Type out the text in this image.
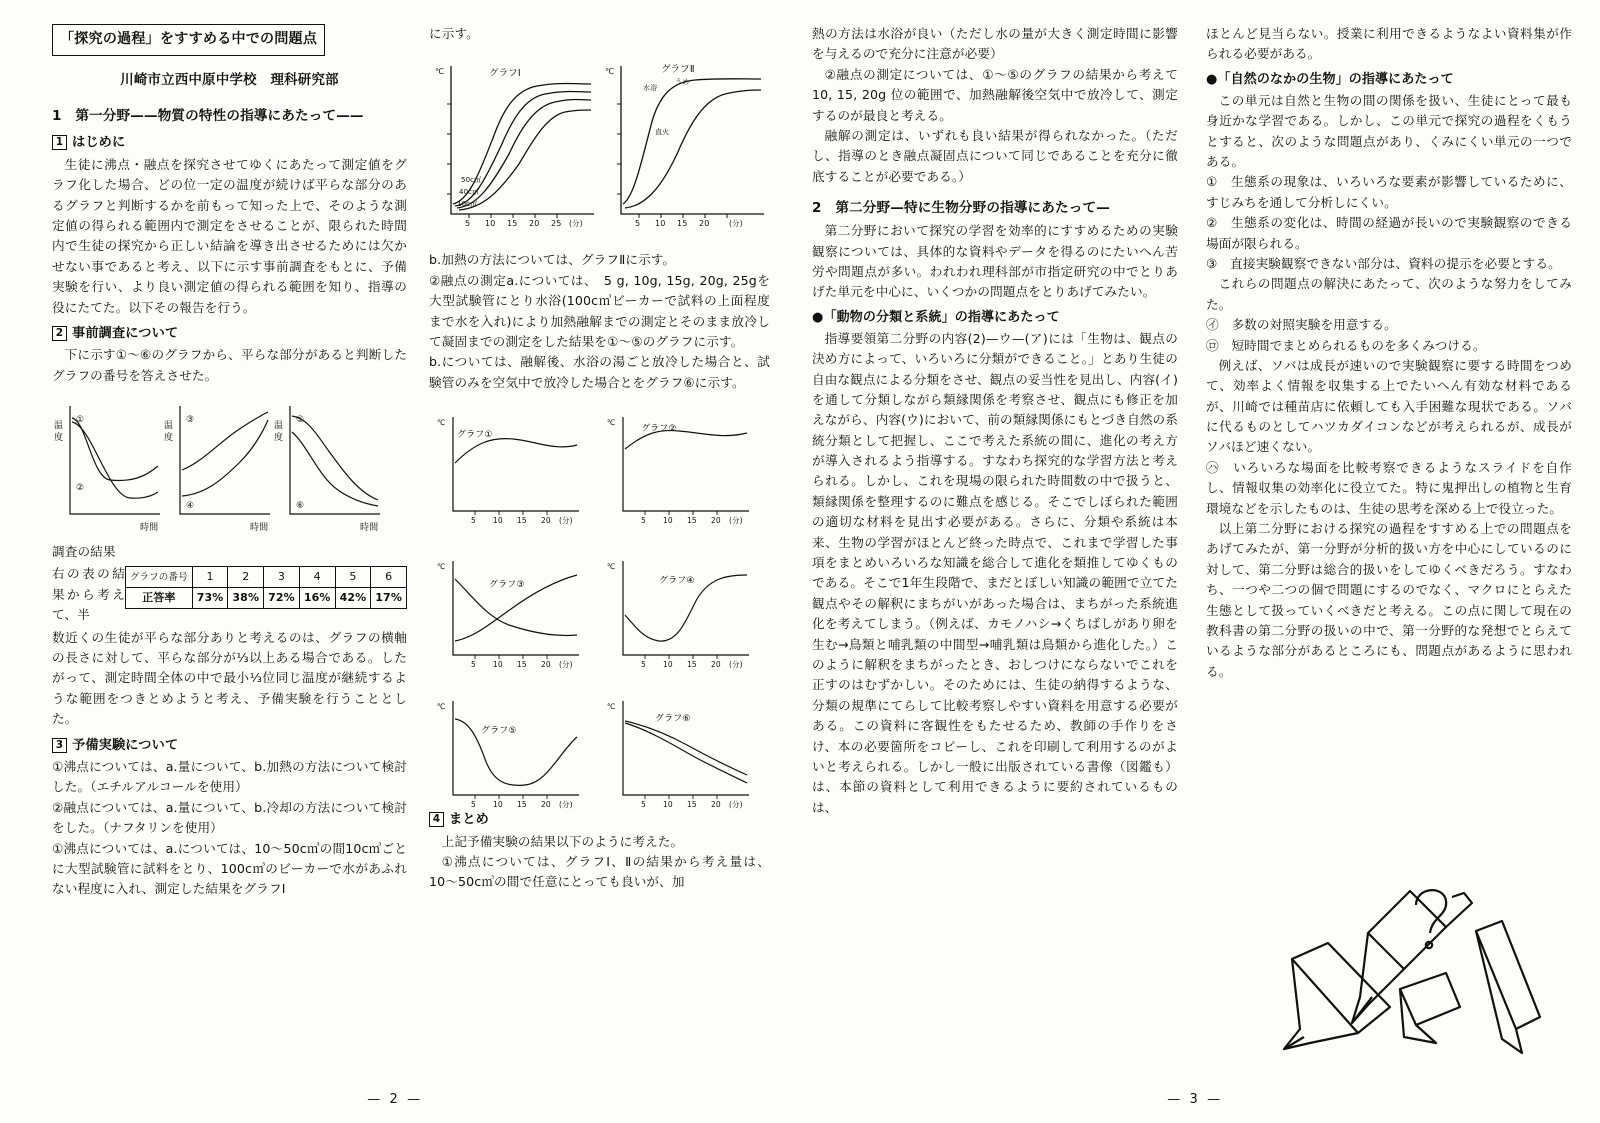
「探究の過程」をすすめる中での問題点
川崎市立西中原中学校　理科研究部
1　第一分野——物質の特性の指導にあたって——
1 はじめに

生徒に沸点・融点を探究させてゆくにあたって測定値をグラフ化した場合、どの位一定の温度が続けば平らな部分のあるグラフと判断するかを前もって知った上で、そのような測定値の得られる範囲内で測定をさせることが、限られた時間内で生徒の探究から正しい結論を導き出させるためには欠かせない事であると考え、以下に示す事前調査をもとに、予備実験を行い、より良い測定値の得られる範囲を知り、指導の役にたてた。以下その報告を行う。

2 事前調査について

下に示す①〜⑥のグラフから、平らな部分があると判断したグラフの番号を答えさせた。

温
度
時間
①
②
温
度
時間
③
④
温
度
時間
⑤
⑥

調査の結果

右の表の結果から考えて、半
グラフの番号	1	2	3	4	5	6
正答率	73%	38%	72%	16%	42%	17%

数近くの生徒が平らな部分ありと考えるのは、グラフの横軸の長さに対して、平らな部分が⅓以上ある場合である。したがって、測定時間全体の中で最小⅓位同じ温度が継続するような範囲をつきとめようと考え、予備実験を行うこととした。

3 予備実験について

①沸点については、a.量について、b.加熱の方法について検討した。（エチルアルコールを使用）

②融点については、a.量について、b.冷却の方法について検討をした。（ナフタリンを使用）

①沸点については、a.については、10〜50c㎥の間10c㎥ごとに大型試験管に試料をとり、100c㎥のビーカーで水があふれない程度に入れ、測定した結果をグラフⅠ

に示す。

グラフⅠ	グラフⅡ
℃	℃
5 10 15 20 25 (分)	5 10 15 20	(分)
50c㎥
40c㎥
10c㎥
水浴
うめ
直火

b.加熱の方法については、グラフⅡに示す。

②融点の測定a.については、　5 g, 10g, 15g, 20g, 25gを大型試験管にとり水浴(100c㎥ビーカーで試料の上面程度まで水を入れ)により加熱融解までの測定とそのまま放冷して凝固までの測定をした結果を①〜⑤のグラフに示す。

b.については、融解後、水浴の湯ごと放冷した場合と、試験管のみを空気中で放冷した場合とをグラフ⑥に示す。

グラフ①
グラフ②
グラフ③	グラフ④
グラフ⑤
グラフ⑥
℃	℃
℃	℃
℃	℃
5 10 15 20 (分)	5 10 15 20 (分)
5 10 15 20 (分)	5 10 15 20 (分)
5 10 15 20 (分)	5 10 15 20 (分)
4 まとめ

上記予備実験の結果以下のように考えた。

①沸点については、グラフⅠ、Ⅱの結果から考え量は、10〜50c㎥の間で任意にとっても良いが、加

— 2 —

熱の方法は水浴が良い（ただし水の量が大きく測定時間に影響を与えるので充分に注意が必要）

②融点の測定については、①〜⑤のグラフの結果から考えて10, 15, 20g 位の範囲で、加熱融解後空気中で放冷して、測定するのが最良と考える。

融解の測定は、いずれも良い結果が得られなかった。（ただし、指導のとき融点凝固点について同じであることを充分に徹底することが必要である。）

2　第二分野—特に生物分野の指導にあたって—

第二分野において探究の学習を効率的にすすめるための実験観察については、具体的な資料やデータを得るのにたいへん苦労や問題点が多い。われわれ理科部が市指定研究の中でとりあげた単元を中心に、いくつかの問題点をとりあげてみたい。

●「動物の分類と系統」の指導にあたって

指導要領第二分野の内容(2)—ウ—(ア)には「生物は、観点の決め方によって、いろいろに分類ができること。」とあり生徒の自由な観点による分類をさせ、観点の妥当性を見出し、内容(イ)を通して分類しながら類縁関係を考察させ、観点にも修正を加えながら、内容(ウ)において、前の類縁関係にもとづき自然の系統分類として把握し、ここで考えた系統の間に、進化の考え方が導入されるよう指導する。すなわち探究的な学習方法と考えられる。しかし、これを現場の限られた時間数の中で扱うと、類縁関係を整理するのに難点を感じる。そこでしぼられた範囲の適切な材料を見出す必要がある。さらに、分類や系統は本来、生物の学習がほとんど終った時点で、これまで学習した事項をまとめいろいろな知識を総合して進化を類推してゆくものである。そこで1年生段階で、まだとぼしい知識の範囲で立てた観点やその解釈にまちがいがあった場合は、まちがった系統進化を考えてしまう。（例えば、カモノハシ→くちばしがあり卵を生む→鳥類と哺乳類の中間型→哺乳類は鳥類から進化した。）このように解釈をまちがったとき、おしつけにならないでこれを正すのはむずかしい。そのためには、生徒の納得するような、分類の規準にてらして比較考察しやすい資料を用意する必要がある。この資料に客観性をもたせるため、教師の手作りをさけ、本の必要箇所をコピーし、これを印刷して利用するのがよいと考えられる。しかし一般に出版されている書像（図鑑も）は、本節の資料として利用できるように要約されているものは、

ほとんど見当らない。授業に利用できるようなよい資料集が作られる必要がある。

●「自然のなかの生物」の指導にあたって

この単元は自然と生物の間の関係を扱い、生徒にとって最も身近かな学習である。しかし、この単元で探究の過程をくもうとすると、次のような問題点があり、くみにくい単元の一つである。

①　生態系の現象は、いろいろな要素が影響しているために、すじみちを通して分析しにくい。

②　生態系の変化は、時間の経過が長いので実験観察のできる場面が限られる。

③　直接実験観察できない部分は、資料の提示を必要とする。

これらの問題点の解決にあたって、次のような努力をしてみた。

㋑　多数の対照実験を用意する。

㋺　短時間でまとめられるものを多くみつける。

例えば、ソバは成長が速いので実験観察に要する時間をつめて、効率よく情報を収集する上でたいへん有効な材料であるが、川崎では種苗店に依頼しても入手困難な現状である。ソバに代るものとしてハツカダイコンなどが考えられるが、成長がソバほど速くない。

㋩　いろいろな場面を比較考察できるようなスライドを自作し、情報収集の効率化に役立てた。特に鬼押出しの植物と生育環境などを示したものは、生徒の思考を深める上で役立った。

以上第二分野における探究の過程をすすめる上での問題点をあげてみたが、第一分野が分析的扱い方を中心にしているのに対して、第二分野は総合的扱いをしてゆくべきだろう。すなわち、一つや二つの個で問題にするのでなく、マクロにとらえた生態として扱っていくべきだと考える。この点に関して現在の教科書の第二分野の扱いの中で、第一分野的な発想でとらえているような部分があるところにも、問題点があるように思われる。

— 3 —
